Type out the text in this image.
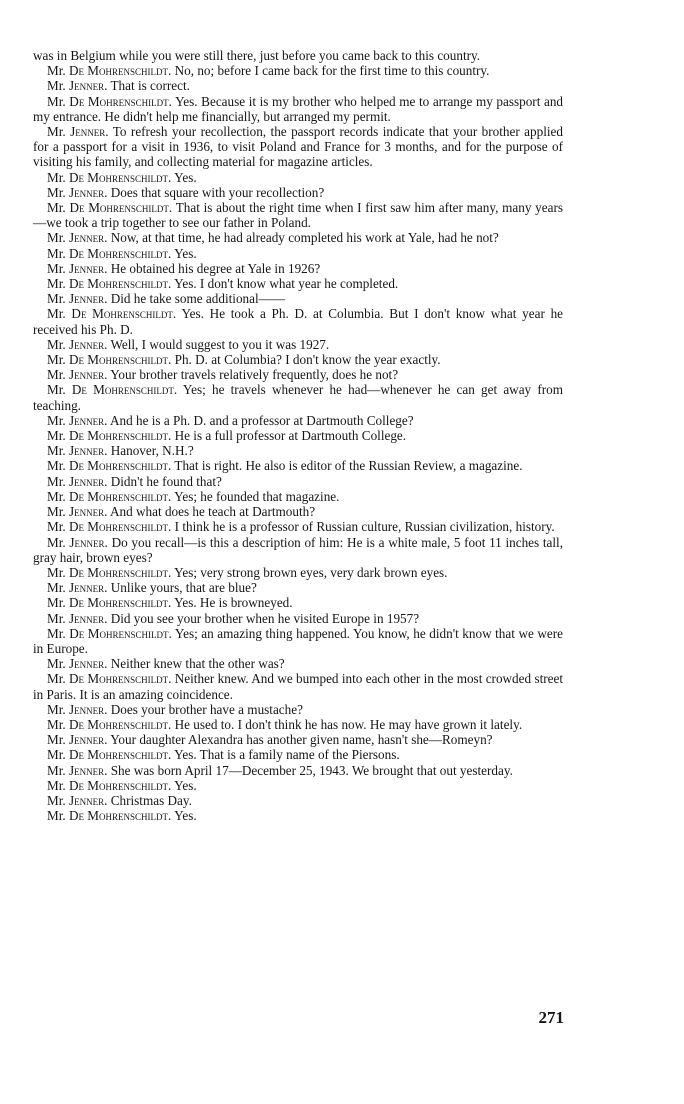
was in Belgium while you were still there, just before you came back to this country.

Mr. De Mohrenschildt. No, no; before I came back for the first time to this country.

Mr. Jenner. That is correct.

Mr. De Mohrenschildt. Yes. Because it is my brother who helped me to arrange my passport and my entrance. He didn't help me financially, but arranged my permit.

Mr. Jenner. To refresh your recollection, the passport records indicate that your brother applied for a passport for a visit in 1936, to visit Poland and France for 3 months, and for the purpose of visiting his family, and collecting material for magazine articles.

Mr. De Mohrenschildt. Yes.

Mr. Jenner. Does that square with your recollection?

Mr. De Mohrenschildt. That is about the right time when I first saw him after many, many years—we took a trip together to see our father in Poland.

Mr. Jenner. Now, at that time, he had already completed his work at Yale, had he not?

Mr. De Mohrenschildt. Yes.

Mr. Jenner. He obtained his degree at Yale in 1926?

Mr. De Mohrenschildt. Yes. I don't know what year he completed.

Mr. Jenner. Did he take some additional——

Mr. De Mohrenschildt. Yes. He took a Ph. D. at Columbia. But I don't know what year he received his Ph. D.

Mr. Jenner. Well, I would suggest to you it was 1927.

Mr. De Mohrenschildt. Ph. D. at Columbia? I don't know the year exactly.

Mr. Jenner. Your brother travels relatively frequently, does he not?

Mr. De Mohrenschildt. Yes; he travels whenever he had—whenever he can get away from teaching.

Mr. Jenner. And he is a Ph. D. and a professor at Dartmouth College?

Mr. De Mohrenschildt. He is a full professor at Dartmouth College.

Mr. Jenner. Hanover, N.H.?

Mr. De Mohrenschildt. That is right. He also is editor of the Russian Review, a magazine.

Mr. Jenner. Didn't he found that?

Mr. De Mohrenschildt. Yes; he founded that magazine.

Mr. Jenner. And what does he teach at Dartmouth?

Mr. De Mohrenschildt. I think he is a professor of Russian culture, Russian civilization, history.

Mr. Jenner. Do you recall—is this a description of him: He is a white male, 5 foot 11 inches tall, gray hair, brown eyes?

Mr. De Mohrenschildt. Yes; very strong brown eyes, very dark brown eyes.

Mr. Jenner. Unlike yours, that are blue?

Mr. De Mohrenschildt. Yes. He is browneyed.

Mr. Jenner. Did you see your brother when he visited Europe in 1957?

Mr. De Mohrenschildt. Yes; an amazing thing happened. You know, he didn't know that we were in Europe.

Mr. Jenner. Neither knew that the other was?

Mr. De Mohrenschildt. Neither knew. And we bumped into each other in the most crowded street in Paris. It is an amazing coincidence.

Mr. Jenner. Does your brother have a mustache?

Mr. De Mohrenschildt. He used to. I don't think he has now. He may have grown it lately.

Mr. Jenner. Your daughter Alexandra has another given name, hasn't she—Romeyn?

Mr. De Mohrenschildt. Yes. That is a family name of the Piersons.

Mr. Jenner. She was born April 17—December 25, 1943. We brought that out yesterday.

Mr. De Mohrenschildt. Yes.

Mr. Jenner. Christmas Day.

Mr. De Mohrenschildt. Yes.

271
